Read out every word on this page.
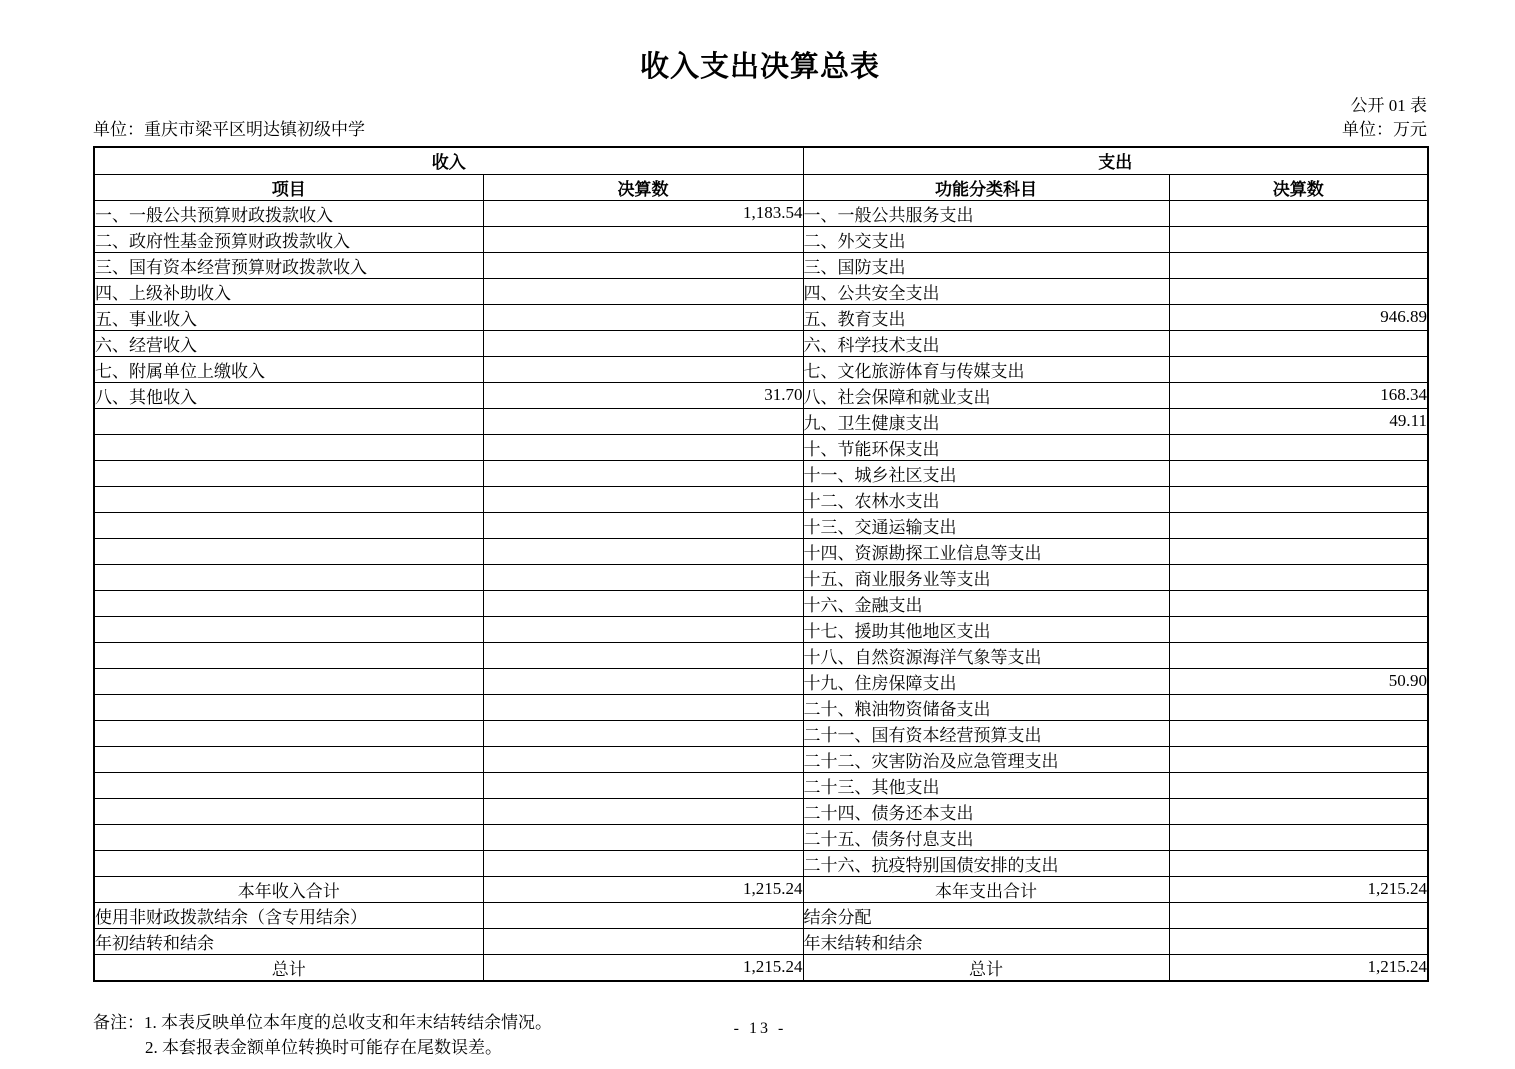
收入支出决算总表
公开 01 表
单位：重庆市梁平区明达镇初级中学	单位：万元
收入		支出	
项目	决算数	功能分类科目	决算数
一、一般公共预算财政拨款收入	1,183.54	一、一般公共服务支出	
二、政府性基金预算财政拨款收入		二、外交支出	
三、国有资本经营预算财政拨款收入		三、国防支出	
四、上级补助收入		四、公共安全支出	
五、事业收入		五、教育支出	946.89
六、经营收入		六、科学技术支出	
七、附属单位上缴收入		七、文化旅游体育与传媒支出	
八、其他收入	31.70	八、社会保障和就业支出	168.34
		九、卫生健康支出	49.11
		十、节能环保支出	
		十一、城乡社区支出	
		十二、农林水支出	
		十三、交通运输支出	
		十四、资源勘探工业信息等支出	
		十五、商业服务业等支出	
		十六、金融支出	
		十七、援助其他地区支出	
		十八、自然资源海洋气象等支出	
		十九、住房保障支出	50.90
		二十、粮油物资储备支出	
		二十一、国有资本经营预算支出	
		二十二、灾害防治及应急管理支出	
		二十三、其他支出	
		二十四、债务还本支出	
		二十五、债务付息支出	
		二十六、抗疫特别国债安排的支出	
本年收入合计	1,215.24	本年支出合计	1,215.24
使用非财政拨款结余（含专用结余）		结余分配	
年初结转和结余		年末结转和结余	
总计	1,215.24	总计	1,215.24
备注：1. 本表反映单位本年度的总收支和年末结转结余情况。
2. 本套报表金额单位转换时可能存在尾数误差。
- 13 -
